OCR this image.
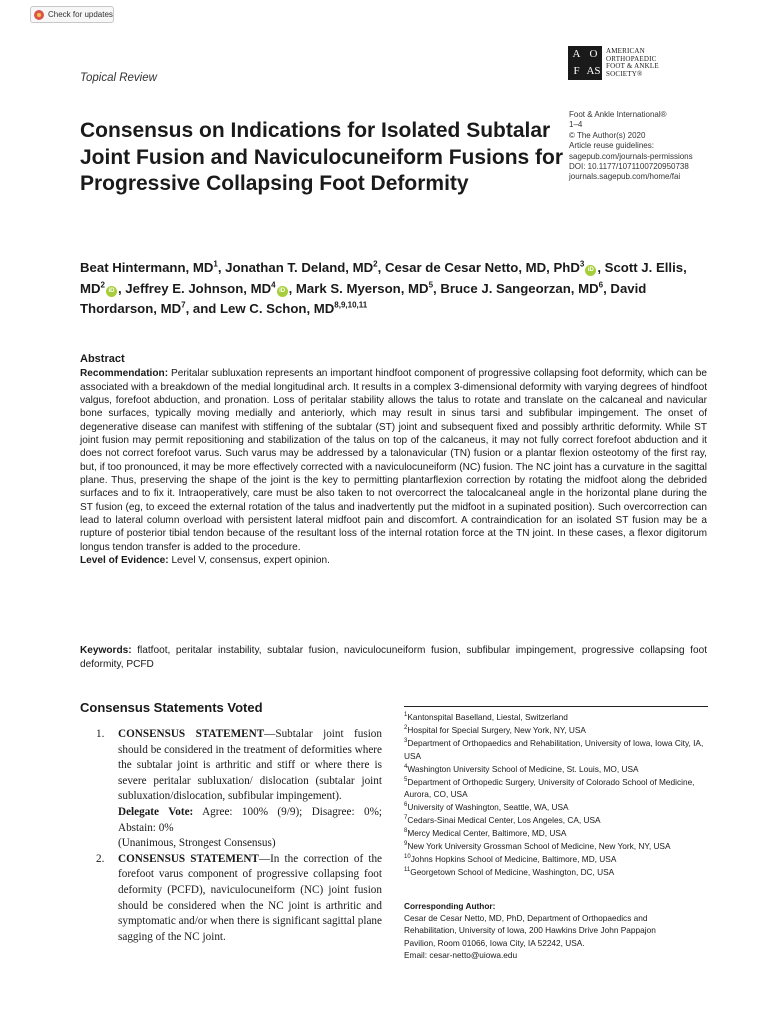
Check for updates
Topical Review
A O
F AS
AMERICAN
ORTHOPAEDIC
FOOT & ANKLE
SOCIETY®
Foot & Ankle International®
1–4
© The Author(s) 2020
Article reuse guidelines:
sagepub.com/journals-permissions
DOI: 10.1177/1071100720950738
journals.sagepub.com/home/fai
Consensus on Indications for Isolated Subtalar Joint Fusion and Naviculocuneiform Fusions for Progressive Collapsing Foot Deformity
Beat Hintermann, $MD^1$, Jonathan T. Deland, $MD^2$, Cesar de Cesar Netto, MD, PhD$^3$iD , Scott J. Ellis, $MD^2iD$ , Jeffrey E. Johnson, $MD^4iD$ , Mark S. Myerson, $MD^5$, Bruce J. Sangeorzan, $MD^6$, David Thordarson, $MD^7$, and Lew C. Schon, MD$^{8,9,10,11}$
Abstract
Recommendation: Peritalar subluxation represents an important hindfoot component of progressive collapsing foot deformity, which can be associated with a breakdown of the medial longitudinal arch. It results in a complex 3-dimensional deformity with varying degrees of hindfoot valgus, forefoot abduction, and pronation. Loss of peritalar stability allows the talus to rotate and translate on the calcaneal and navicular bone surfaces, typically moving medially and anteriorly, which may result in sinus tarsi and subfibular impingement. The onset of degenerative disease can manifest with stiffening of the subtalar (ST) joint and subsequent fixed and possibly arthritic deformity. While ST joint fusion may permit repositioning and stabilization of the talus on top of the calcaneus, it may not fully correct forefoot abduction and it does not correct forefoot varus. Such varus may be addressed by a talonavicular (TN) fusion or a plantar flexion osteotomy of the first ray, but, if too pronounced, it may be more effectively corrected with a naviculocuneiform (NC) fusion. The NC joint has a curvature in the sagittal plane. Thus, preserving the shape of the joint is the key to permitting plantarflexion correction by rotating the midfoot along the debrided surfaces and to fix it. Intraoperatively, care must be also taken to not overcorrect the talocalcaneal angle in the horizontal plane during the ST fusion (eg, to exceed the external rotation of the talus and inadvertently put the midfoot in a supinated position). Such overcorrection can lead to lateral column overload with persistent lateral midfoot pain and discomfort. A contraindication for an isolated ST fusion may be a rupture of posterior tibial tendon because of the resultant loss of the internal rotation force at the TN joint. In these cases, a flexor digitorum longus tendon transfer is added to the procedure.
Level of Evidence: Level V, consensus, expert opinion.
Keywords: flatfoot, peritalar instability, subtalar fusion, naviculocuneiform fusion, subfibular impingement, progressive collapsing foot deformity, PCFD
Consensus Statements Voted
1.	CONSENSUS STATEMENT—Subtalar joint fusion should be considered in the treatment of deformities where the subtalar joint is arthritic and stiff or where there is severe peritalar subluxation/ dislocation (subtalar joint subluxation/dislocation, subfibular impingement).
Delegate Vote: Agree: 100% (9/9); Disagree: 0%; Abstain: 0%
(Unanimous, Strongest Consensus)
2.	CONSENSUS STATEMENT—In the correction of the forefoot varus component of progressive collapsing foot deformity (PCFD), naviculocuneiform (NC) joint fusion should be considered when the NC joint is arthritic and symptomatic and/or when there is significant sagittal plane sagging of the NC joint.
$^1$Kantonspital Baselland, Liestal, Switzerland
$^2$Hospital for Special Surgery, New York, NY, USA
$^3$Department of Orthopaedics and Rehabilitation, University of Iowa, Iowa City, IA, USA
$^4$Washington University School of Medicine, St. Louis, MO, USA
$^5$Department of Orthopedic Surgery, University of Colorado School of Medicine, Aurora, CO, USA
$^6$University of Washington, Seattle, WA, USA
$^7$Cedars-Sinai Medical Center, Los Angeles, CA, USA
$^8$Mercy Medical Center, Baltimore, MD, USA
$^9$New York University Grossman School of Medicine, New York, NY, USA
$^{10}$Johns Hopkins School of Medicine, Baltimore, MD, USA
$^{11}$Georgetown School of Medicine, Washington, DC, USA
Corresponding Author:
Cesar de Cesar Netto, MD, PhD, Department of Orthopaedics and
Rehabilitation, University of Iowa, 200 Hawkins Drive John Pappajon
Pavilion, Room 01066, Iowa City, IA 52242, USA.
Email: cesar-netto@uiowa.edu
